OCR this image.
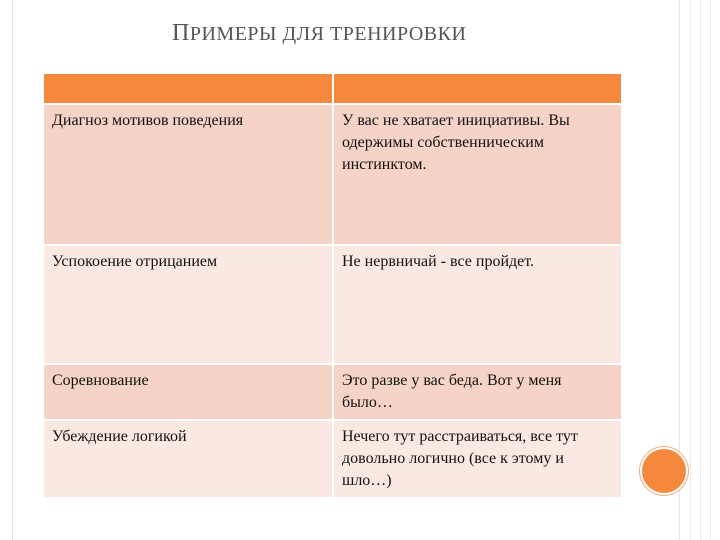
ПРИМЕРЫ ДЛЯ ТРЕНИРОВКИ

Диагноз мотивов поведения	У вас не хватает инициативы. Вы одержимы собственническим инстинктом.
Успокоение отрицанием	Не нервничай - все пройдет.
Соревнование	Это разве у вас беда. Вот у меня было…
Убеждение логикой	Нечего тут расстраиваться, все тут довольно логично (все к этому и шло…)
